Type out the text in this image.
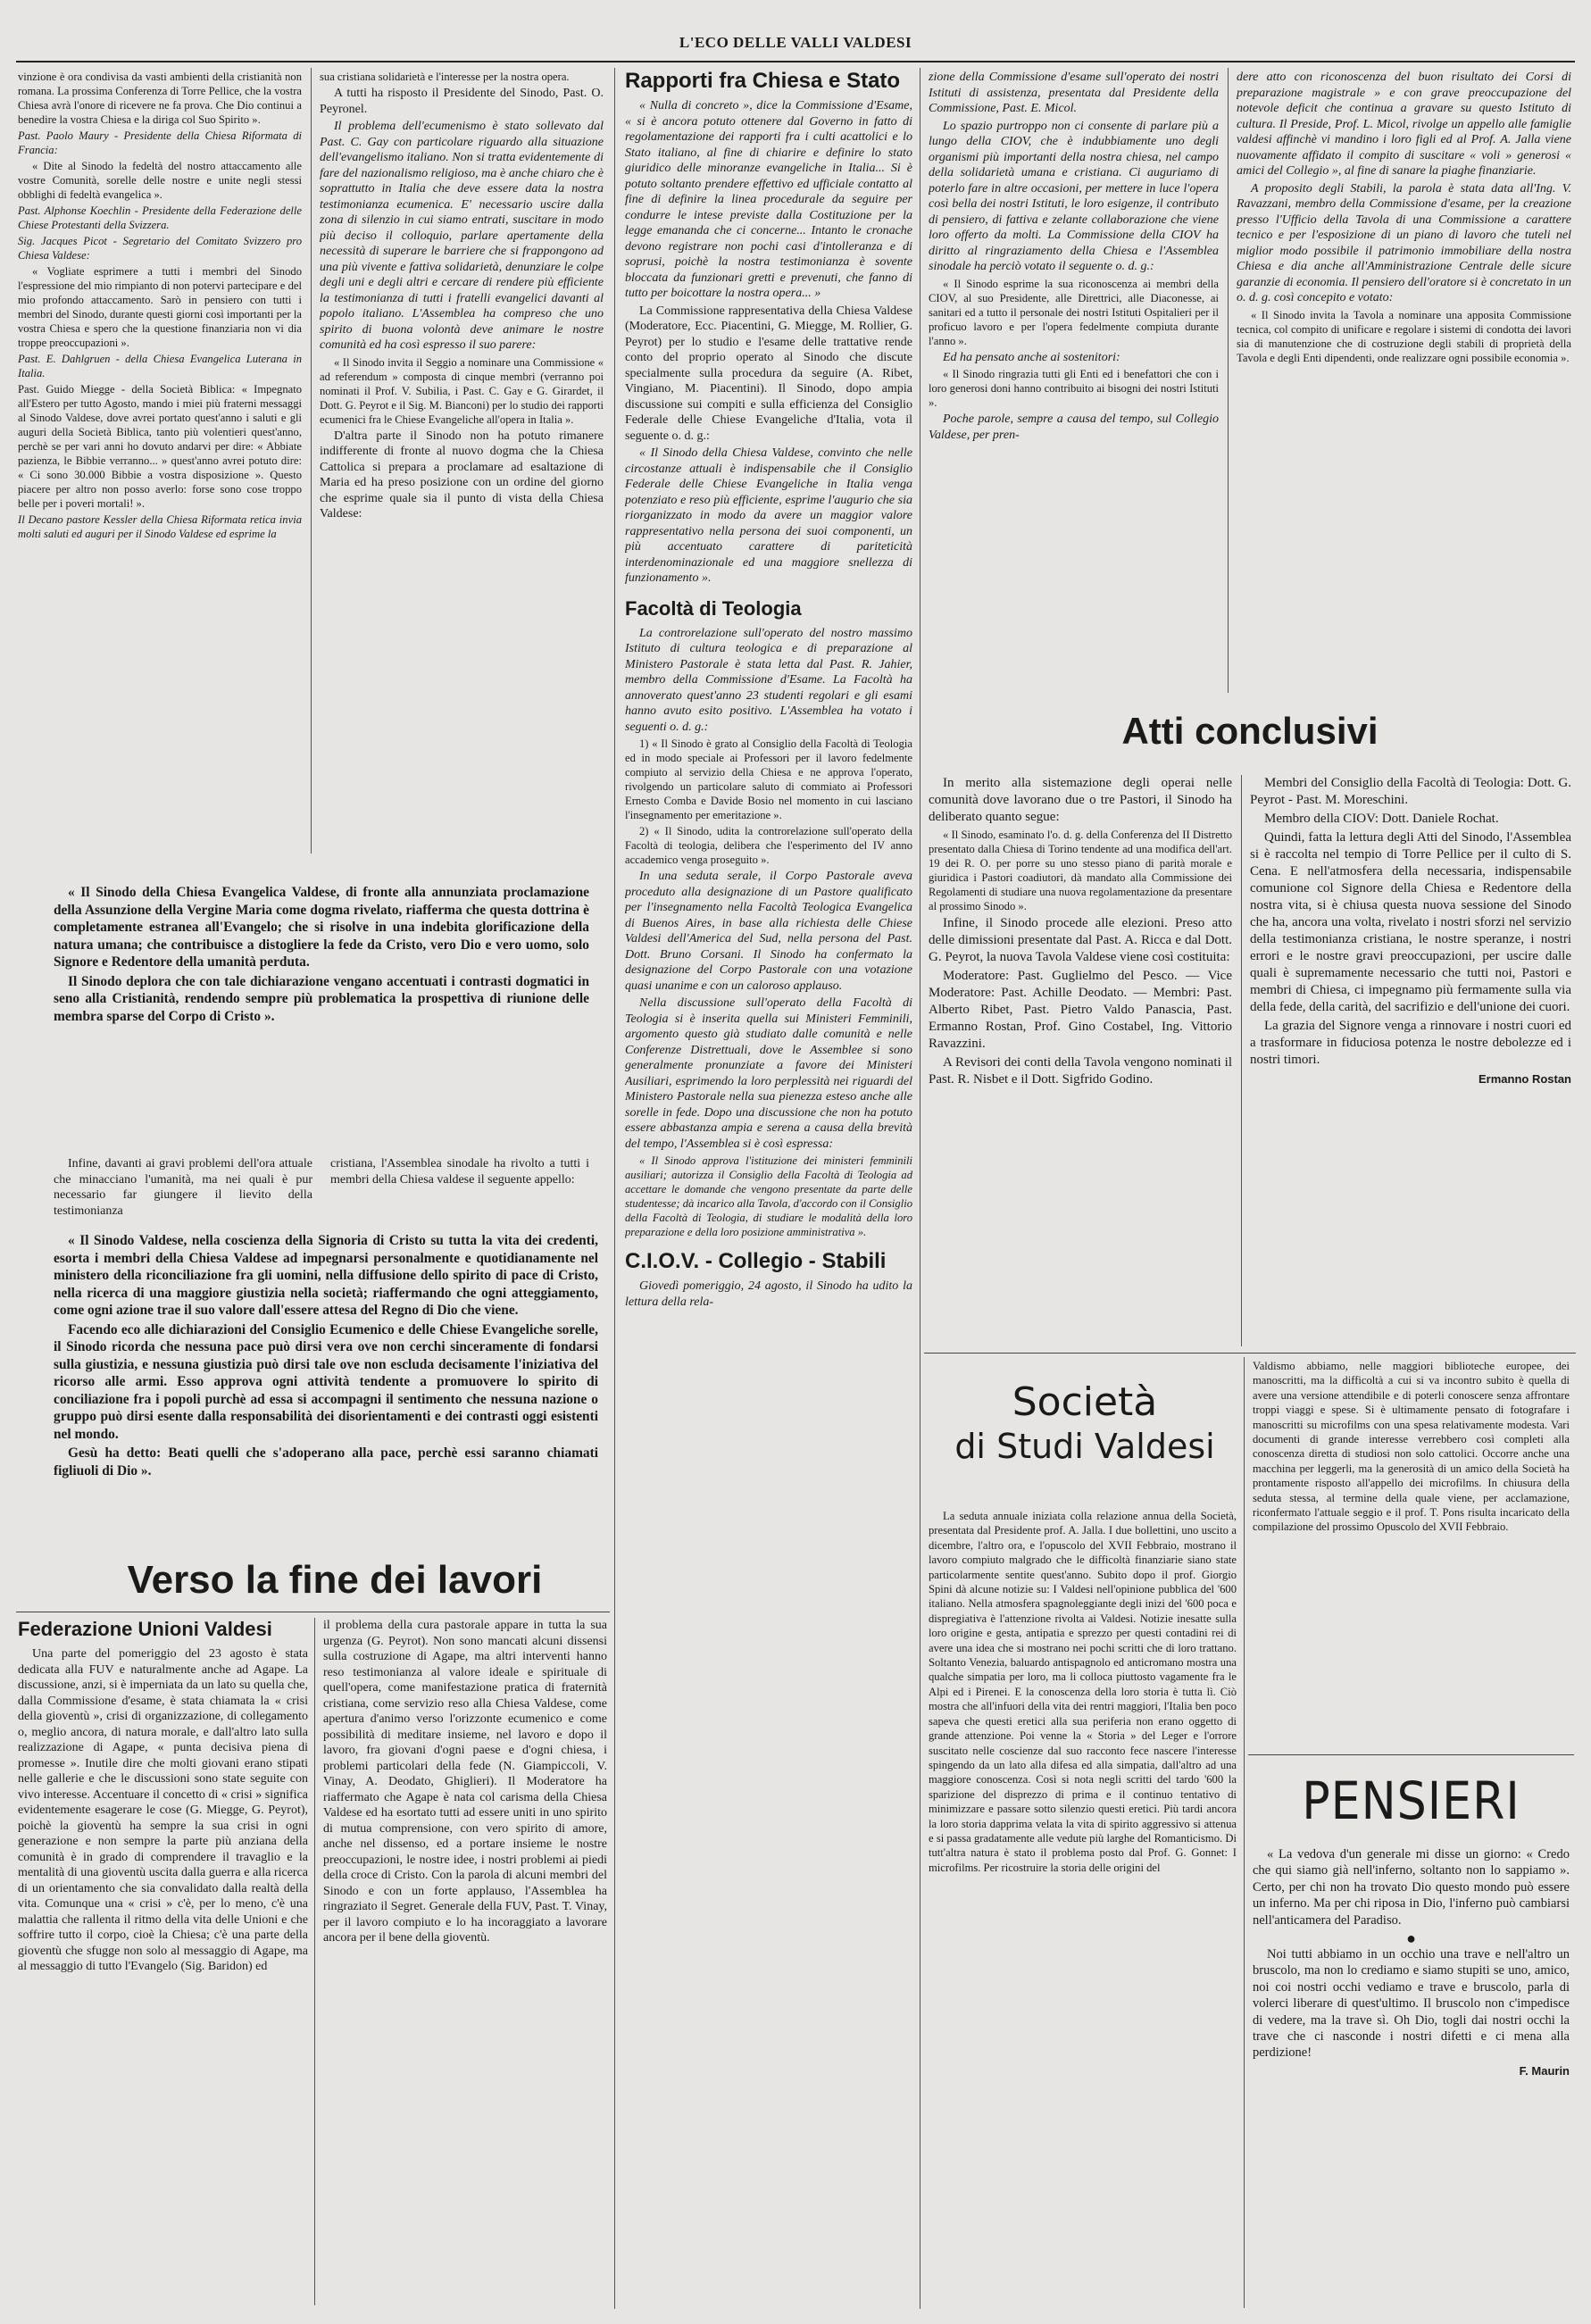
L'ECO DELLE VALLI VALDESI

vinzione è ora condivisa da vasti ambienti della cristianità non romana. La prossima Conferenza di Torre Pellice, che la vostra Chiesa avrà l'onore di ricevere ne fa prova. Che Dio continui a benedire la vostra Chiesa e la diriga col Suo Spirito ».

Past. Paolo Maury - Presidente della Chiesa Riformata di Francia:

« Dite al Sinodo la fedeltà del nostro attaccamento alle vostre Comunità, sorelle delle nostre e unite negli stessi obblighi di fedeltà evangelica ».

Past. Alphonse Koechlin - Presidente della Federazione delle Chiese Protestanti della Svizzera.

Sig. Jacques Picot - Segretario del Comitato Svizzero pro Chiesa Valdese:

« Vogliate esprimere a tutti i membri del Sinodo l'espressione del mio rimpianto di non potervi partecipare e del mio profondo attaccamento. Sarò in pensiero con tutti i membri del Sinodo, durante questi giorni così importanti per la vostra Chiesa e spero che la questione finanziaria non vi dia troppe preoccupazioni ».

Past. E. Dahlgruen - della Chiesa Evangelica Luterana in Italia.

Past. Guido Miegge - della Società Biblica: « Impegnato all'Estero per tutto Agosto, mando i miei più fraterni messaggi al Sinodo Valdese, dove avrei portato quest'anno i saluti e gli auguri della Società Biblica, tanto più volentieri quest'anno, perchè se per vari anni ho dovuto andarvi per dire: « Abbiate pazienza, le Bibbie verranno... » quest'anno avrei potuto dire: « Ci sono 30.000 Bibbie a vostra disposizione ». Questo piacere per altro non posso averlo: forse sono cose troppo belle per i poveri mortali! ».

Il Decano pastore Kessler della Chiesa Riformata retica invia molti saluti ed auguri per il Sinodo Valdese ed esprime la

sua cristiana solidarietà e l'interesse per la nostra opera.

A tutti ha risposto il Presidente del Sinodo, Past. O. Peyronel.

Il problema dell'ecumenismo è stato sollevato dal Past. C. Gay con particolare riguardo alla situazione dell'evangelismo italiano. Non si tratta evidentemente di fare del nazionalismo religioso, ma è anche chiaro che è soprattutto in Italia che deve essere data la nostra testimonianza ecumenica. E' necessario uscire dalla zona di silenzio in cui siamo entrati, suscitare in modo più deciso il colloquio, parlare apertamente della necessità di superare le barriere che si frappongono ad una più vivente e fattiva solidarietà, denunziare le colpe degli uni e degli altri e cercare di rendere più efficiente la testimonianza di tutti i fratelli evangelici davanti al popolo italiano. L'Assemblea ha compreso che uno spirito di buona volontà deve animare le nostre comunità ed ha così espresso il suo parere:

« Il Sinodo invita il Seggio a nominare una Commissione « ad referendum » composta di cinque membri (verranno poi nominati il Prof. V. Subilia, i Past. C. Gay e G. Girardet, il Dott. G. Peyrot e il Sig. M. Bianconi) per lo studio dei rapporti ecumenici fra le Chiese Evangeliche all'opera in Italia ».

D'altra parte il Sinodo non ha potuto rimanere indifferente di fronte al nuovo dogma che la Chiesa Cattolica si prepara a proclamare ad esaltazione di Maria ed ha preso posizione con un ordine del giorno che esprime quale sia il punto di vista della Chiesa Valdese:

« Il Sinodo della Chiesa Evangelica Valdese, di fronte alla annunziata proclamazione della Assunzione della Vergine Maria come dogma rivelato, riafferma che questa dottrina è completamente estranea all'Evangelo; che si risolve in una indebita glorificazione della natura umana; che contribuisce a distogliere la fede da Cristo, vero Dio e vero uomo, solo Signore e Redentore della umanità perduta.

Il Sinodo deplora che con tale dichiarazione vengano accentuati i contrasti dogmatici in seno alla Cristianità, rendendo sempre più problematica la prospettiva di riunione delle membra sparse del Corpo di Cristo ».

Infine, davanti ai gravi problemi dell'ora attuale che minacciano l'umanità, ma nei quali è pur necessario far giungere il lievito della testimonianza

cristiana, l'Assemblea sinodale ha rivolto a tutti i membri della Chiesa valdese il seguente appello:

« Il Sinodo Valdese, nella coscienza della Signoria di Cristo su tutta la vita dei credenti, esorta i membri della Chiesa Valdese ad impegnarsi personalmente e quotidianamente nel ministero della riconciliazione fra gli uomini, nella diffusione dello spirito di pace di Cristo, nella ricerca di una maggiore giustizia nella società; riaffermando che ogni atteggiamento, come ogni azione trae il suo valore dall'essere attesa del Regno di Dio che viene.

Facendo eco alle dichiarazioni del Consiglio Ecumenico e delle Chiese Evangeliche sorelle, il Sinodo ricorda che nessuna pace può dirsi vera ove non cerchi sinceramente di fondarsi sulla giustizia, e nessuna giustizia può dirsi tale ove non escluda decisamente l'iniziativa del ricorso alle armi. Esso approva ogni attività tendente a promuovere lo spirito di conciliazione fra i popoli purchè ad essa si accompagni il sentimento che nessuna nazione o gruppo può dirsi esente dalla responsabilità dei disorientamenti e dei contrasti oggi esistenti nel mondo.

Gesù ha detto: Beati quelli che s'adoperano alla pace, perchè essi saranno chiamati figliuoli di Dio ».

Verso la fine dei lavori
Federazione Unioni Valdesi

Una parte del pomeriggio del 23 agosto è stata dedicata alla FUV e naturalmente anche ad Agape. La discussione, anzi, si è imperniata da un lato su quella che, dalla Commissione d'esame, è stata chiamata la « crisi della gioventù », crisi di organizzazione, di collegamento o, meglio ancora, di natura morale, e dall'altro lato sulla realizzazione di Agape, « punta decisiva piena di promesse ». Inutile dire che molti giovani erano stipati nelle gallerie e che le discussioni sono state seguite con vivo interesse. Accentuare il concetto di « crisi » significa evidentemente esagerare le cose (G. Miegge, G. Peyrot), poichè la gioventù ha sempre la sua crisi in ogni generazione e non sempre la parte più anziana della comunità è in grado di comprendere il travaglio e la mentalità di una gioventù uscita dalla guerra e alla ricerca di un orientamento che sia convalidato dalla realtà della vita. Comunque una « crisi » c'è, per lo meno, c'è una malattia che rallenta il ritmo della vita delle Unioni e che soffrire tutto il corpo, cioè la Chiesa; c'è una parte della gioventù che sfugge non solo al messaggio di Agape, ma al messaggio di tutto l'Evangelo (Sig. Baridon) ed

il problema della cura pastorale appare in tutta la sua urgenza (G. Peyrot). Non sono mancati alcuni dissensi sulla costruzione di Agape, ma altri interventi hanno reso testimonianza al valore ideale e spirituale di quell'opera, come manifestazione pratica di fraternità cristiana, come servizio reso alla Chiesa Valdese, come apertura d'animo verso l'orizzonte ecumenico e come possibilità di meditare insieme, nel lavoro e dopo il lavoro, fra giovani d'ogni paese e d'ogni chiesa, i problemi particolari della fede (N. Giampiccoli, V. Vinay, A. Deodato, Ghiglieri). Il Moderatore ha riaffermato che Agape è nata col carisma della Chiesa Valdese ed ha esortato tutti ad essere uniti in uno spirito di mutua comprensione, con vero spirito di amore, anche nel dissenso, ed a portare insieme le nostre preoccupazioni, le nostre idee, i nostri problemi ai piedi della croce di Cristo. Con la parola di alcuni membri del Sinodo e con un forte applauso, l'Assemblea ha ringraziato il Segret. Generale della FUV, Past. T. Vinay, per il lavoro compiuto e lo ha incoraggiato a lavorare ancora per il bene della gioventù.

Rapporti fra Chiesa e Stato

« Nulla di concreto », dice la Commissione d'Esame, « si è ancora potuto ottenere dal Governo in fatto di regolamentazione dei rapporti fra i culti acattolici e lo Stato italiano, al fine di chiarire e definire lo stato giuridico delle minoranze evangeliche in Italia... Si è potuto soltanto prendere effettivo ed ufficiale contatto al fine di definire la linea procedurale da seguire per condurre le intese previste dalla Costituzione per la legge emananda che ci concerne... Intanto le cronache devono registrare non pochi casi d'intolleranza e di soprusi, poichè la nostra testimonianza è sovente bloccata da funzionari gretti e prevenuti, che fanno di tutto per boicottare la nostra opera... »

La Commissione rappresentativa della Chiesa Valdese (Moderatore, Ecc. Piacentini, G. Miegge, M. Rollier, G. Peyrot) per lo studio e l'esame delle trattative rende conto del proprio operato al Sinodo che discute specialmente sulla procedura da seguire (A. Ribet, Vingiano, M. Piacentini). Il Sinodo, dopo ampia discussione sui compiti e sulla efficienza del Consiglio Federale delle Chiese Evangeliche d'Italia, vota il seguente o. d. g.:

« Il Sinodo della Chiesa Valdese, convinto che nelle circostanze attuali è indispensabile che il Consiglio Federale delle Chiese Evangeliche in Italia venga potenziato e reso più efficiente, esprime l'augurio che sia riorganizzato in modo da avere un maggior valore rappresentativo nella persona dei suoi componenti, un più accentuato carattere di pariteticità interdenominazionale ed una maggiore snellezza di funzionamento ».

Facoltà di Teologia

La controrelazione sull'operato del nostro massimo Istituto di cultura teologica e di preparazione al Ministero Pastorale è stata letta dal Past. R. Jahier, membro della Commissione d'Esame. La Facoltà ha annoverato quest'anno 23 studenti regolari e gli esami hanno avuto esito positivo. L'Assemblea ha votato i seguenti o. d. g.:

1) « Il Sinodo è grato al Consiglio della Facoltà di Teologia ed in modo speciale ai Professori per il lavoro fedelmente compiuto al servizio della Chiesa e ne approva l'operato, rivolgendo un particolare saluto di commiato ai Professori Ernesto Comba e Davide Bosio nel momento in cui lasciano l'insegnamento per emeritazione ».

2) « Il Sinodo, udita la controrelazione sull'operato della Facoltà di teologia, delibera che l'esperimento del IV anno accademico venga proseguito ».

In una seduta serale, il Corpo Pastorale aveva proceduto alla designazione di un Pastore qualificato per l'insegnamento nella Facoltà Teologica Evangelica di Buenos Aires, in base alla richiesta delle Chiese Valdesi dell'America del Sud, nella persona del Past. Dott. Bruno Corsani. Il Sinodo ha confermato la designazione del Corpo Pastorale con una votazione quasi unanime e con un caloroso applauso.

Nella discussione sull'operato della Facoltà di Teologia si è inserita quella sui Ministeri Femminili, argomento questo già studiato dalle comunità e nelle Conferenze Distrettuali, dove le Assemblee si sono generalmente pronunziate a favore dei Ministeri Ausiliari, esprimendo la loro perplessità nei riguardi del Ministero Pastorale nella sua pienezza esteso anche alle sorelle in fede. Dopo una discussione che non ha potuto essere abbastanza ampia e serena a causa della brevità del tempo, l'Assemblea si è così espressa:

« Il Sinodo approva l'istituzione dei ministeri femminili ausiliari; autorizza il Consiglio della Facoltà di Teologia ad accettare le domande che vengono presentate da parte delle studentesse; dà incarico alla Tavola, d'accordo con il Consiglio della Facoltà di Teologia, di studiare le modalità della loro preparazione e della loro posizione amministrativa ».

C.I.O.V. - Collegio - Stabili

Giovedì pomeriggio, 24 agosto, il Sinodo ha udito la lettura della rela-

zione della Commissione d'esame sull'operato dei nostri Istituti di assistenza, presentata dal Presidente della Commissione, Past. E. Micol.

Lo spazio purtroppo non ci consente di parlare più a lungo della CIOV, che è indubbiamente uno degli organismi più importanti della nostra chiesa, nel campo della solidarietà umana e cristiana. Ci auguriamo di poterlo fare in altre occasioni, per mettere in luce l'opera così bella dei nostri Istituti, le loro esigenze, il contributo di pensiero, di fattiva e zelante collaborazione che viene loro offerto da molti. La Commissione della CIOV ha diritto al ringraziamento della Chiesa e l'Assemblea sinodale ha perciò votato il seguente o. d. g.:

« Il Sinodo esprime la sua riconoscenza ai membri della CIOV, al suo Presidente, alle Direttrici, alle Diaconesse, ai sanitari ed a tutto il personale dei nostri Istituti Ospitalieri per il proficuo lavoro e per l'opera fedelmente compiuta durante l'anno ».

Ed ha pensato anche ai sostenitori:

« Il Sinodo ringrazia tutti gli Enti ed i benefattori che con i loro generosi doni hanno contribuito ai bisogni dei nostri Istituti ».

Poche parole, sempre a causa del tempo, sul Collegio Valdese, per pren-

dere atto con riconoscenza del buon risultato dei Corsi di preparazione magistrale » e con grave preoccupazione del notevole deficit che continua a gravare su questo Istituto di cultura. Il Preside, Prof. L. Micol, rivolge un appello alle famiglie valdesi affinchè vi mandino i loro figli ed al Prof. A. Jalla viene nuovamente affidato il compito di suscitare « voli » generosi « amici del Collegio », al fine di sanare la piaghe finanziarie.

A proposito degli Stabili, la parola è stata data all'Ing. V. Ravazzani, membro della Commissione d'esame, per la creazione presso l'Ufficio della Tavola di una Commissione a carattere tecnico e per l'esposizione di un piano di lavoro che tuteli nel miglior modo possibile il patrimonio immobiliare della nostra Chiesa e dia anche all'Amministrazione Centrale delle sicure garanzie di economia. Il pensiero dell'oratore si è concretato in un o. d. g. così concepito e votato:

« Il Sinodo invita la Tavola a nominare una apposita Commissione tecnica, col compito di unificare e regolare i sistemi di condotta dei lavori sia di manutenzione che di costruzione degli stabili di proprietà della Tavola e degli Enti dipendenti, onde realizzare ogni possibile economia ».

Atti conclusivi

In merito alla sistemazione degli operai nelle comunità dove lavorano due o tre Pastori, il Sinodo ha deliberato quanto segue:

« Il Sinodo, esaminato l'o. d. g. della Conferenza del II Distretto presentato dalla Chiesa di Torino tendente ad una modifica dell'art. 19 dei R. O. per porre su uno stesso piano di parità morale e giuridica i Pastori coadiutori, dà mandato alla Commissione dei Regolamenti di studiare una nuova regolamentazione da presentare al prossimo Sinodo ».

Infine, il Sinodo procede alle elezioni. Preso atto delle dimissioni presentate dal Past. A. Ricca e dal Dott. G. Peyrot, la nuova Tavola Valdese viene così costituita:

Moderatore: Past. Guglielmo del Pesco. — Vice Moderatore: Past. Achille Deodato. — Membri: Past. Alberto Ribet, Past. Pietro Valdo Panascia, Past. Ermanno Rostan, Prof. Gino Costabel, Ing. Vittorio Ravazzini.

A Revisori dei conti della Tavola vengono nominati il Past. R. Nisbet e il Dott. Sigfrido Godino.

Membri del Consiglio della Facoltà di Teologia: Dott. G. Peyrot - Past. M. Moreschini.

Membro della CIOV: Dott. Daniele Rochat.

Quindi, fatta la lettura degli Atti del Sinodo, l'Assemblea si è raccolta nel tempio di Torre Pellice per il culto di S. Cena. E nell'atmosfera della necessaria, indispensabile comunione col Signore della Chiesa e Redentore della nostra vita, si è chiusa questa nuova sessione del Sinodo che ha, ancora una volta, rivelato i nostri sforzi nel servizio della testimonianza cristiana, le nostre speranze, i nostri errori e le nostre gravi preoccupazioni, per uscire dalle quali è supremamente necessario che tutti noi, Pastori e membri di Chiesa, ci impegnamo più fermamente sulla via della fede, della carità, del sacrifizio e dell'unione dei cuori.

La grazia del Signore venga a rinnovare i nostri cuori ed a trasformare in fiduciosa potenza le nostre debolezze ed i nostri timori.

Ermanno Rostan
Società
di Studi Valdesi

La seduta annuale iniziata colla relazione annua della Società, presentata dal Presidente prof. A. Jalla. I due bollettini, uno uscito a dicembre, l'altro ora, e l'opuscolo del XVII Febbraio, mostrano il lavoro compiuto malgrado che le difficoltà finanziarie siano state particolarmente sentite quest'anno. Subito dopo il prof. Giorgio Spini dà alcune notizie su: I Valdesi nell'opinione pubblica del '600 italiano. Nella atmosfera spagnoleggiante degli inizi del '600 poca e dispregiativa è l'attenzione rivolta ai Valdesi. Notizie inesatte sulla loro origine e gesta, antipatia e sprezzo per questi contadini rei di avere una idea che si mostrano nei pochi scritti che di loro trattano. Soltanto Venezia, baluardo antispagnolo ed anticromano mostra una qualche simpatia per loro, ma li colloca piuttosto vagamente fra le Alpi ed i Pirenei. E la conoscenza della loro storia è tutta lì. Ciò mostra che all'infuori della vita dei rentri maggiori, l'Italia ben poco sapeva che questi eretici alla sua periferia non erano oggetto di grande attenzione. Poi venne la « Storia » del Leger e l'orrore suscitato nelle coscienze dal suo racconto fece nascere l'interesse spingendo da un lato alla difesa ed alla simpatia, dall'altro ad una maggiore conoscenza. Così si nota negli scritti del tardo '600 la sparizione del disprezzo di prima e il continuo tentativo di minimizzare e passare sotto silenzio questi eretici. Più tardi ancora la loro storia dapprima velata la vita di spirito aggressivo si attenua e si passa gradatamente alle vedute più larghe del Romanticismo. Di tutt'altra natura è stato il problema posto dal Prof. G. Gonnet: I microfilms. Per ricostruire la storia delle origini del

Valdismo abbiamo, nelle maggiori biblioteche europee, dei manoscritti, ma la difficoltà a cui si va incontro subito è quella di avere una versione attendibile e di poterli conoscere senza affrontare troppi viaggi e spese. Si è ultimamente pensato di fotografare i manoscritti su microfilms con una spesa relativamente modesta. Vari documenti di grande interesse verrebbero così completi alla conoscenza diretta di studiosi non solo cattolici. Occorre anche una macchina per leggerli, ma la generosità di un amico della Società ha prontamente risposto all'appello dei microfilms. In chiusura della seduta stessa, al termine della quale viene, per acclamazione, riconfermato l'attuale seggio e il prof. T. Pons risulta incaricato della compilazione del prossimo Opuscolo del XVII Febbraio.

PENSIERI

« La vedova d'un generale mi disse un giorno: « Credo che qui siamo già nell'inferno, soltanto non lo sappiamo ». Certo, per chi non ha trovato Dio questo mondo può essere un inferno. Ma per chi riposa in Dio, l'inferno può cambiarsi nell'anticamera del Paradiso.

●

Noi tutti abbiamo in un occhio una trave e nell'altro un bruscolo, ma non lo crediamo e siamo stupiti se uno, amico, noi coi nostri occhi vediamo e trave e bruscolo, parla di volerci liberare di quest'ultimo. Il bruscolo non c'impedisce di vedere, ma la trave sì. Oh Dio, togli dai nostri occhi la trave che ci nasconde i nostri difetti e ci mena alla perdizione!

F. Maurin
